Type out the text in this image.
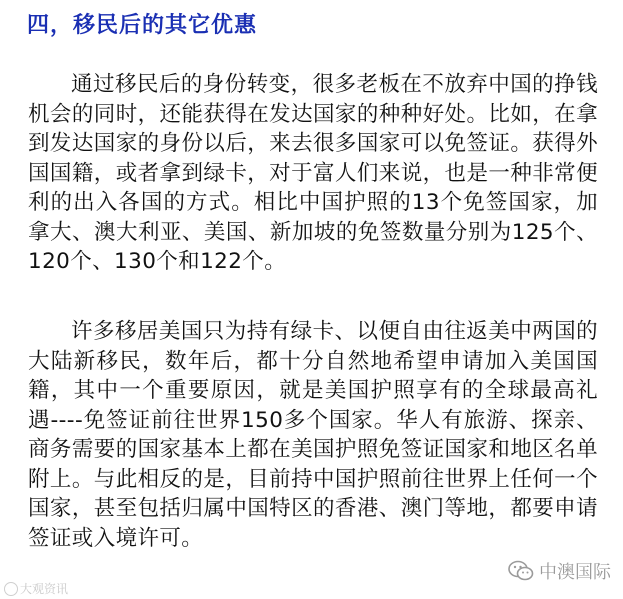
四，移民后的其它优惠

通过移民后的身份转变，很多老板在不放弃中国的挣钱机会的同时，还能获得在发达国家的种种好处。比如，在拿到发达国家的身份以后，来去很多国家可以免签证。获得外国国籍，或者拿到绿卡，对于富人们来说，也是一种非常便利的出入各国的方式。相比中国护照的13个免签国家，加拿大、澳大利亚、美国、新加坡的免签数量分别为125个、120个、130个和122个。

许多移居美国只为持有绿卡、以便自由往返美中两国的大陆新移民，数年后，都十分自然地希望申请加入美国国籍，其中一个重要原因，就是美国护照享有的全球最高礼遇----免签证前往世界150多个国家。华人有旅游、探亲、商务需要的国家基本上都在美国护照免签证国家和地区名单附上。与此相反的是，目前持中国护照前往世界上任何一个国家，甚至包括归属中国特区的香港、澳门等地，都要申请签证或入境许可。

大观资讯
中澳国际
